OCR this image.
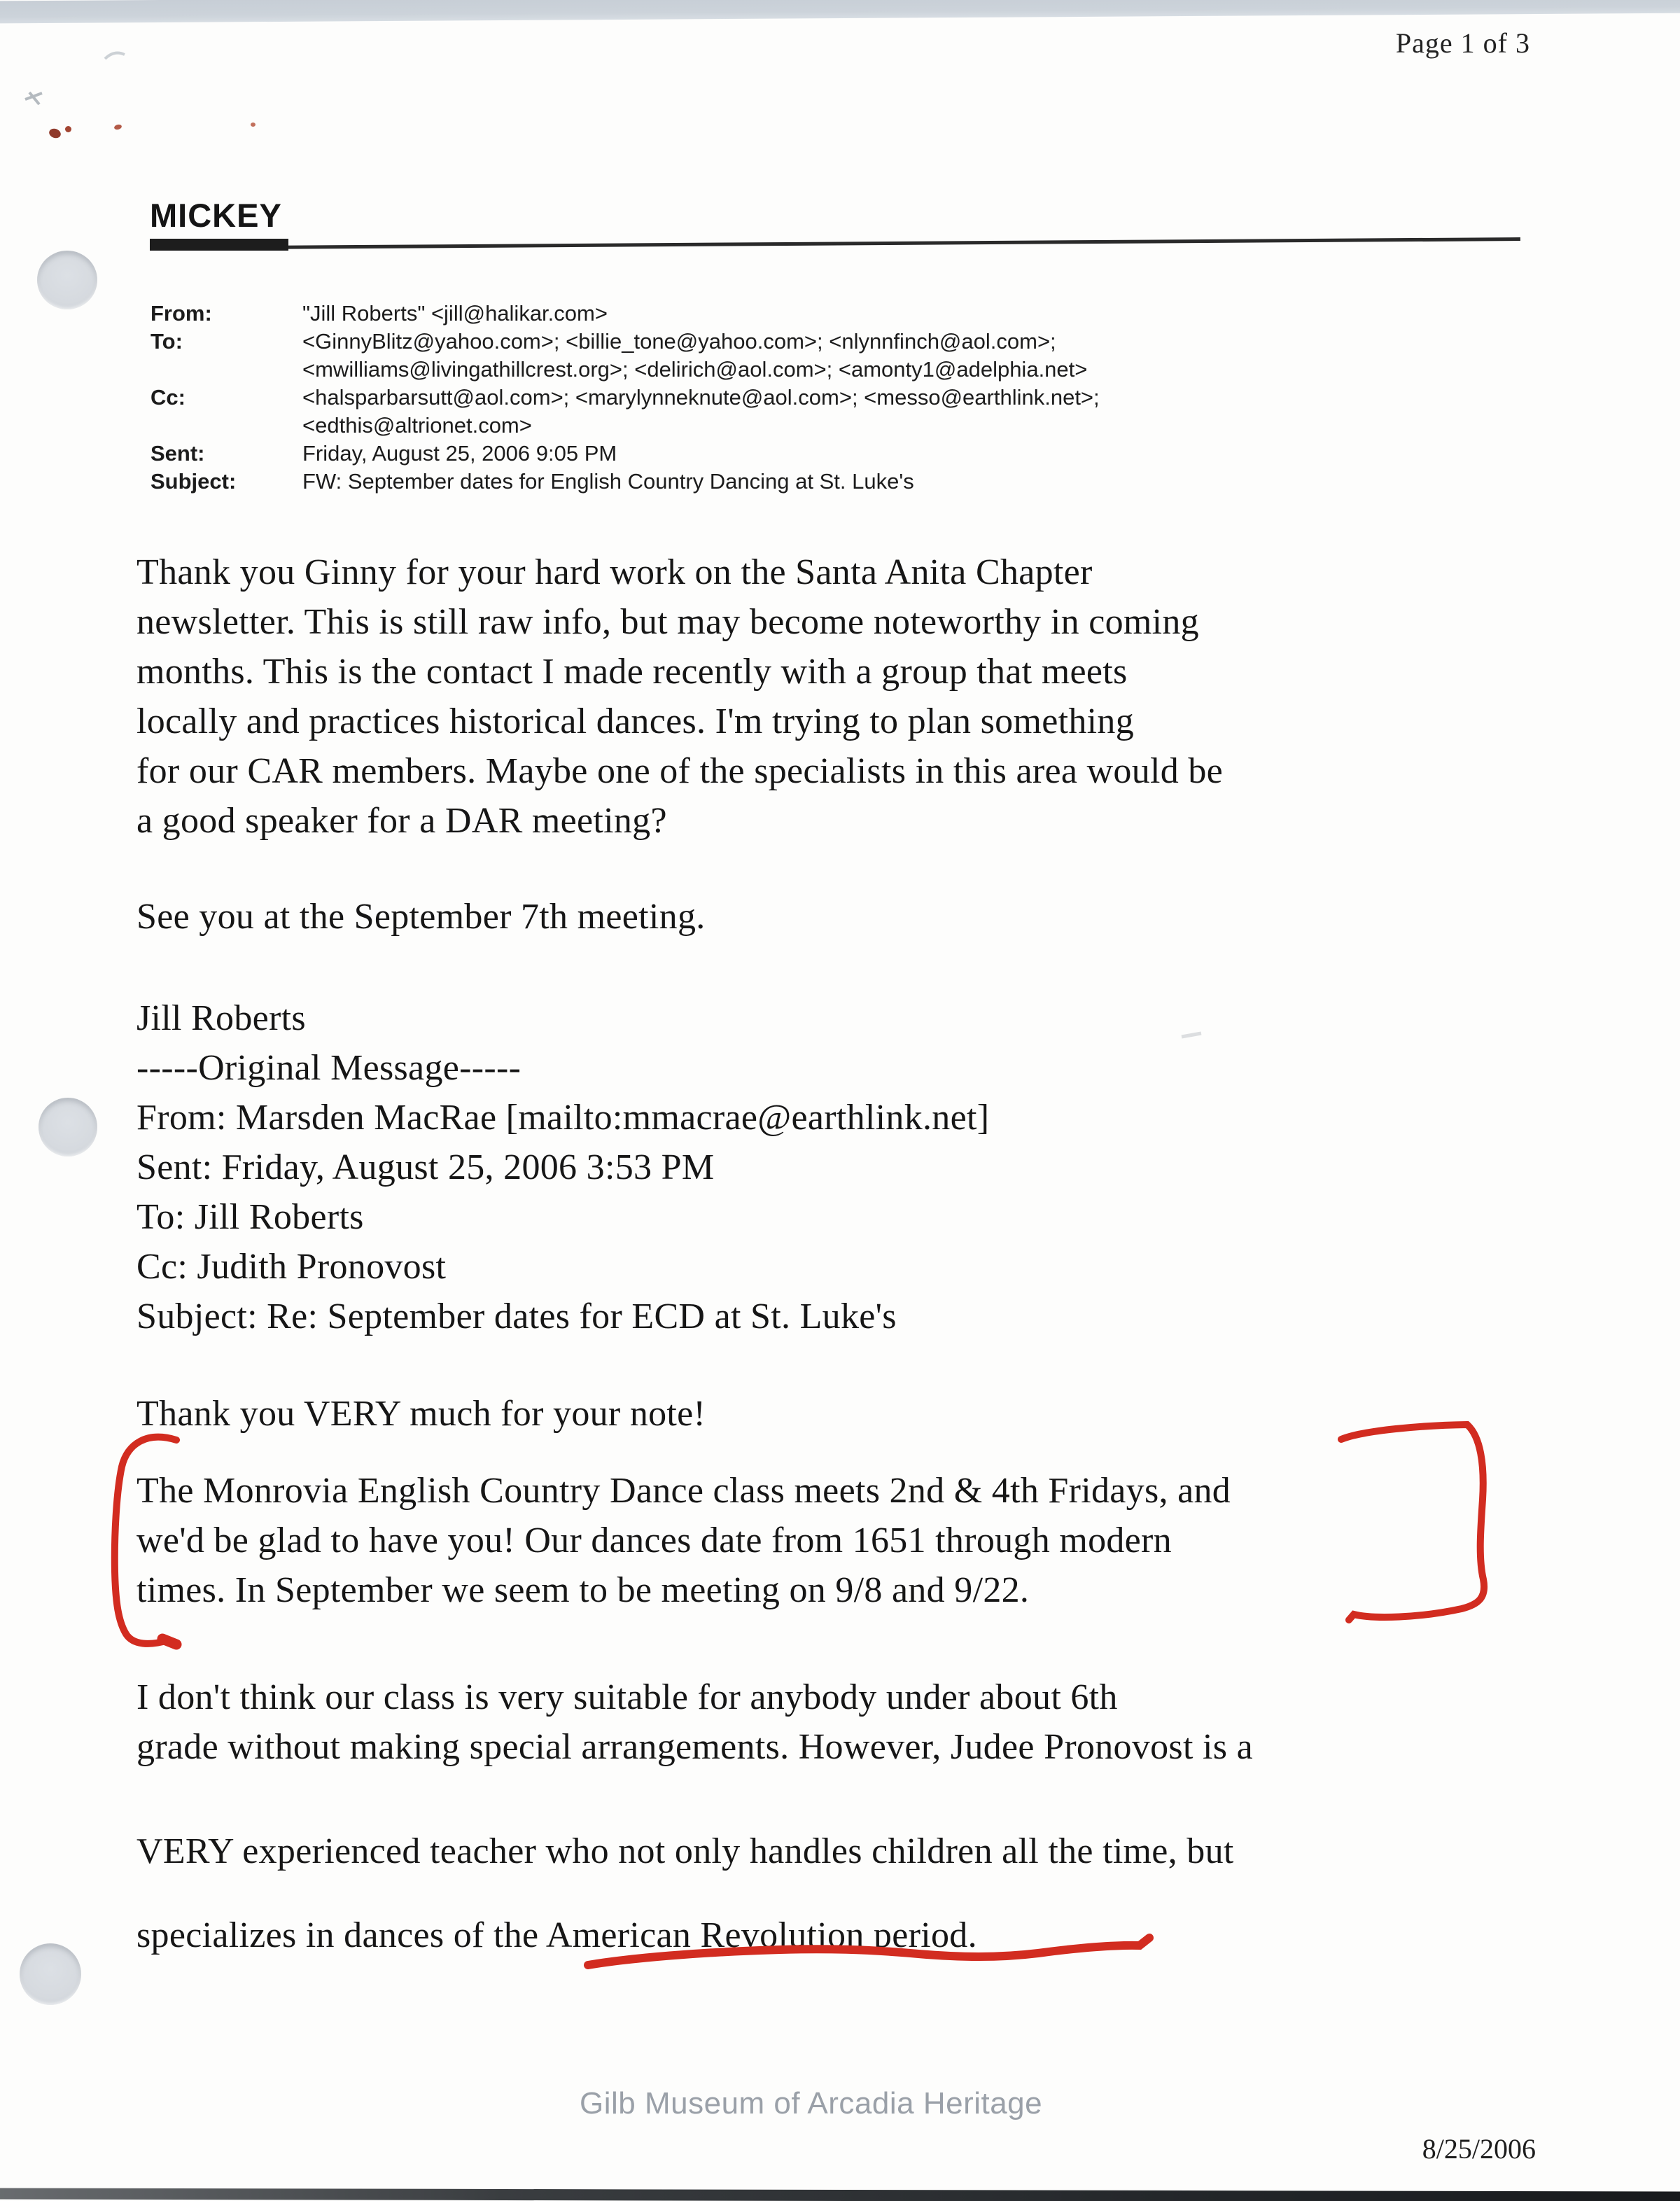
Page 1 of 3
MICKEY
From:	"Jill Roberts" <jill@halikar.com>
To:	<GinnyBlitz@yahoo.com>; <billie_tone@yahoo.com>; <nlynnfinch@aol.com>;
<mwilliams@livingathillcrest.org>; <delirich@aol.com>; <amonty1@adelphia.net>
Cc:	<halsparbarsutt@aol.com>; <marylynneknute@aol.com>; <messo@earthlink.net>;
<edthis@altrionet.com>
Sent:	Friday, August 25, 2006 9:05 PM
Subject:	FW: September dates for English Country Dancing at St. Luke's
Thank you Ginny for your hard work on the Santa Anita Chapter
newsletter. This is still raw info, but may become noteworthy in coming
months. This is the contact I made recently with a group that meets
locally and practices historical dances. I'm trying to plan something
for our CAR members. Maybe one of the specialists in this area would be
a good speaker for a DAR meeting?
See you at the September 7th meeting.
Jill Roberts
-----Original Message-----
From: Marsden MacRae [mailto:mmacrae@earthlink.net]
Sent: Friday, August 25, 2006 3:53 PM
To: Jill Roberts
Cc: Judith Pronovost
Subject: Re: September dates for ECD at St. Luke's
Thank you VERY much for your note!
The Monrovia English Country Dance class meets 2nd & 4th Fridays, and
we'd be glad to have you! Our dances date from 1651 through modern
times. In September we seem to be meeting on 9/8 and 9/22.
I don't think our class is very suitable for anybody under about 6th
grade without making special arrangements. However, Judee Pronovost is a
VERY experienced teacher who not only handles children all the time, but
specializes in dances of the American Revolution period.
Gilb Museum of Arcadia Heritage
8/25/2006
